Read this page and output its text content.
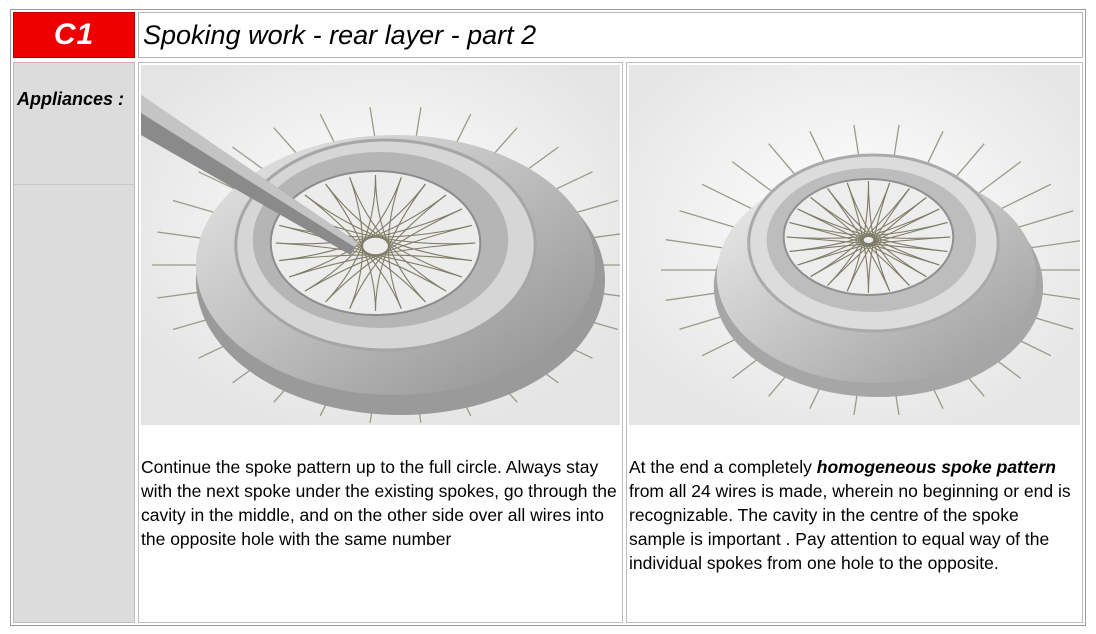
C1 Spoking work - rear layer - part 2
Appliances :
Continue the spoke pattern up to the full circle. Always stay with the next spoke under the existing spokes, go through the cavity in the middle, and on the other side over all wires into the opposite hole with the same number
At the end a completely homogeneous spoke pattern from all 24 wires is made, wherein no beginning or end is recognizable. The cavity in the centre of the spoke sample is important . Pay attention to equal way of the individual spokes from one hole to the opposite.
